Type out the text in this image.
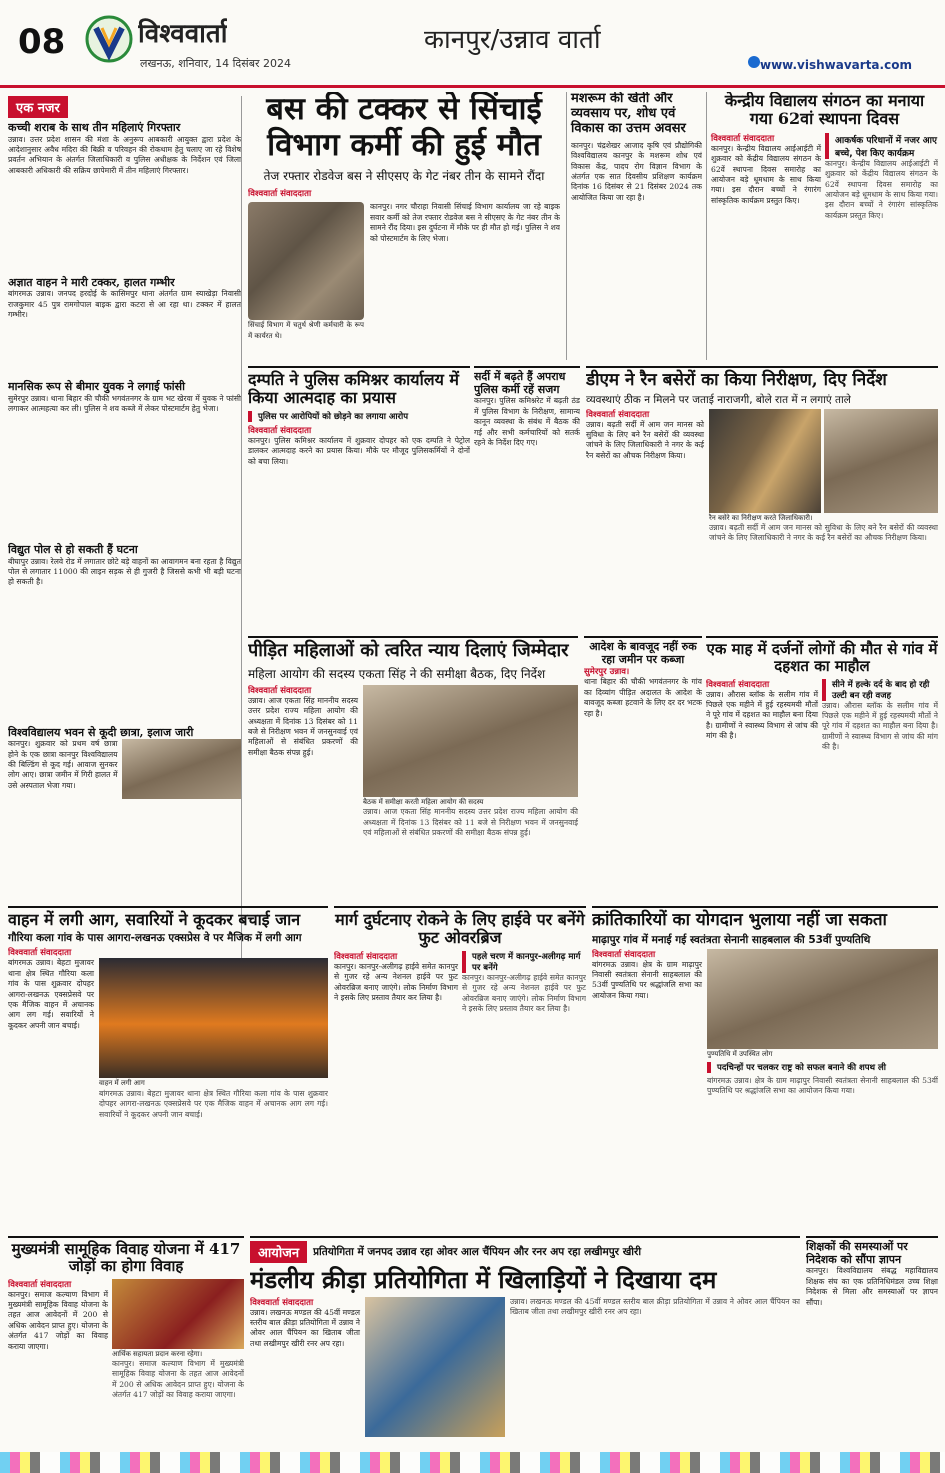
08	विश्ववार्ता
लखनऊ, शनिवार, 14 दिसंबर 2024
कानपुर/उन्नाव वार्ता
www.vishwavarta.com
एक नजर
कच्ची शराब के साथ तीन महिलाएं गिरफ्तार
उन्नाव। उत्तर प्रदेश शासन की मंशा के अनुरूप आबकारी आयुक्त द्वारा प्रदेश के आदेशानुसार अवैध मदिरा की बिक्री व परिवहन की रोकथाम हेतु चलाए जा रहे विशेष प्रवर्तन अभियान के अंतर्गत जिलाधिकारी व पुलिस अधीक्षक के निर्देशन एवं जिला आबकारी अधिकारी की सक्रिय छापेमारी में तीन महिलाएं गिरफ्तार।
अज्ञात वाहन ने मारी टक्कर, हालत गम्भीर
बांगरमऊ उन्नाव। जनपद हरदोई के कासिमपुर थाना अंतर्गत ग्राम स्याखेड़ा निवासी राजकुमार 45 पुत्र रामगोपाल बाइक द्वारा कटरा से आ रहा था। टक्कर में हालत गम्भीर।
मानसिक रूप से बीमार युवक ने लगाई फांसी
सुमेरपुर उन्नाव। थाना बिहार की चौकी भगवंतनगर के ग्राम भट खेरवा में युवक ने फांसी लगाकर आत्महत्या कर ली। पुलिस ने शव कब्जे में लेकर पोस्टमार्टम हेतु भेजा।
विद्युत पोल से हो सकती हैं घटना
बीघापुर उन्नाव। रेलवे रोड में लगातार छोटे बड़े वाहनों का आवागमन बना रहता है विद्युत पोल से लगातार 11000 की लाइन सड़क से ही गुजरी है जिससे कभी भी बड़ी घटना हो सकती है।
विश्वविद्यालय भवन से कूदी छात्रा, इलाज जारी
कानपुर। शुक्रवार को प्रथम वर्ष छात्रा होने के एक छात्रा कानपुर विश्वविद्यालय की बिल्डिंग से कूद गई। आवाज सुनकर लोग आए। छात्रा जमीन में गिरी हालत में उसे अस्पताल भेजा गया।
बस की टक्कर से सिंचाई विभाग कर्मी की हुई मौत
तेज रफ्तार रोडवेज बस ने सीएसए के गेट नंबर तीन के सामने रौंदा
विश्ववार्ता संवाददाता
सिंचाई विभाग में चतुर्थ श्रेणी कर्मचारी के रूप में कार्यरत थे।
कानपुर। नगर चौराहा निवासी सिंचाई विभाग कार्यालय जा रहे बाइक सवार कर्मी को तेज रफ्तार रोडवेज बस ने सीएसए के गेट नंबर तीन के सामने रौंद दिया। इस दुर्घटना में मौके पर ही मौत हो गई। पुलिस ने शव को पोस्टमार्टम के लिए भेजा।
मशरूम की खेती और व्यवसाय पर, शोध एवं विकास का उत्तम अवसर
कानपुर। चंद्रशेखर आजाद कृषि एवं प्रौद्योगिकी विश्वविद्यालय कानपुर के मशरूम शोध एवं विकास केंद्र, पादप रोग विज्ञान विभाग के अंतर्गत एक सात दिवसीय प्रशिक्षण कार्यक्रम दिनांक 16 दिसंबर से 21 दिसंबर 2024 तक आयोजित किया जा रहा है।
केन्द्रीय विद्यालय संगठन का मनाया गया 62वां स्थापना दिवस
विश्ववार्ता संवाददाता
कानपुर। केन्द्रीय विद्यालय आईआईटी में शुक्रवार को केंद्रीय विद्यालय संगठन के 62वें स्थापना दिवस समारोह का आयोजन बड़े धूमधाम के साथ किया गया। इस दौरान बच्चों ने रंगारंग सांस्कृतिक कार्यक्रम प्रस्तुत किए।
आकर्षक परिधानों में नजर आए बच्चे, पेश किए कार्यक्रम
कानपुर। केन्द्रीय विद्यालय आईआईटी में शुक्रवार को केंद्रीय विद्यालय संगठन के 62वें स्थापना दिवस समारोह का आयोजन बड़े धूमधाम के साथ किया गया। इस दौरान बच्चों ने रंगारंग सांस्कृतिक कार्यक्रम प्रस्तुत किए।
दम्पति ने पुलिस कमिश्नर कार्यालय में किया आत्मदाह का प्रयास
पुलिस पर आरोपियों को छोड़ने का लगाया आरोप
विश्ववार्ता संवाददाता
कानपुर। पुलिस कमिश्नर कार्यालय में शुक्रवार दोपहर को एक दम्पति ने पेट्रोल डालकर आत्मदाह करने का प्रयास किया। मौके पर मौजूद पुलिसकर्मियों ने दोनों को बचा लिया।
सर्दी में बढ़ते हैं अपराध पुलिस कर्मी रहें सजग
कानपुर। पुलिस कमिश्नरेट में बढ़ती ठंड में पुलिस विभाग के निरीक्षण, सामान्य कानून व्यवस्था के संबंध में बैठक की गई और सभी कर्मचारियों को सतर्क रहने के निर्देश दिए गए।
डीएम ने रैन बसेरों का किया निरीक्षण, दिए निर्देश
व्यवस्थाएं ठीक न मिलने पर जताई नाराजगी, बोले रात में न लगाएं ताले
विश्ववार्ता संवाददाता
उन्नाव। बढ़ती सर्दी में आम जन मानस को सुविधा के लिए बने रैन बसेरों की व्यवस्था जांचने के लिए जिलाधिकारी ने नगर के कई रैन बसेरों का औचक निरीक्षण किया।
रैन बसेरे का निरीक्षण करते जिलाधिकारी।
उन्नाव। बढ़ती सर्दी में आम जन मानस को सुविधा के लिए बने रैन बसेरों की व्यवस्था जांचने के लिए जिलाधिकारी ने नगर के कई रैन बसेरों का औचक निरीक्षण किया।
पीड़ित महिलाओं को त्वरित न्याय दिलाएं जिम्मेदार
महिला आयोग की सदस्य एकता सिंह ने की समीक्षा बैठक, दिए निर्देश
विश्ववार्ता संवाददाता
उन्नाव। आज एकता सिंह माननीय सदस्य उत्तर प्रदेश राज्य महिला आयोग की अध्यक्षता में दिनांक 13 दिसंबर को 11 बजे से निरीक्षण भवन में जनसुनवाई एवं महिलाओं से संबंधित प्रकरणों की समीक्षा बैठक संपन्न हुई।
बैठक में समीक्षा करती महिला आयोग की सदस्य
उन्नाव। आज एकता सिंह माननीय सदस्य उत्तर प्रदेश राज्य महिला आयोग की अध्यक्षता में दिनांक 13 दिसंबर को 11 बजे से निरीक्षण भवन में जनसुनवाई एवं महिलाओं से संबंधित प्रकरणों की समीक्षा बैठक संपन्न हुई।
आदेश के बावजूद नहीं रुक रहा जमीन पर कब्जा
सुमेरपुर उन्नाव।
थाना बिहार की चौकी भगवंतनगर के गांव का दिव्यांग पीड़ित अदालत के आदेश के बावजूद कब्जा हटवाने के लिए दर दर भटक रहा है।
एक माह में दर्जनों लोगों की मौत से गांव में दहशत का माहौल
विश्ववार्ता संवाददाता
उन्नाव। औरास ब्लॉक के सलीम गांव में पिछले एक महीने में हुई रहस्यमयी मौतों ने पूरे गांव में दहशत का माहौल बना दिया है। ग्रामीणों ने स्वास्थ्य विभाग से जांच की मांग की है।
सीने में हल्के दर्द के बाद हो रही उल्टी बन रही वजह
उन्नाव। औरास ब्लॉक के सलीम गांव में पिछले एक महीने में हुई रहस्यमयी मौतों ने पूरे गांव में दहशत का माहौल बना दिया है। ग्रामीणों ने स्वास्थ्य विभाग से जांच की मांग की है।
वाहन में लगी आग, सवारियों ने कूदकर बचाई जान
गौरिया कला गांव के पास आगरा-लखनऊ एक्सप्रेस वे पर मैजिक में लगी आग
विश्ववार्ता संवाददाता
बांगरमऊ उन्नाव। बेहटा मुजावर थाना क्षेत्र स्थित गौरिया कला गांव के पास शुक्रवार दोपहर आगरा-लखनऊ एक्सप्रेसवे पर एक मैजिक वाहन में अचानक आग लग गई। सवारियों ने कूदकर अपनी जान बचाई।
वाहन में लगी आग
बांगरमऊ उन्नाव। बेहटा मुजावर थाना क्षेत्र स्थित गौरिया कला गांव के पास शुक्रवार दोपहर आगरा-लखनऊ एक्सप्रेसवे पर एक मैजिक वाहन में अचानक आग लग गई। सवारियों ने कूदकर अपनी जान बचाई।
मार्ग दुर्घटनाए रोकने के लिए हाईवे पर बनेंगे फुट ओवरब्रिज
विश्ववार्ता संवाददाता
कानपुर। कानपुर-अलीगढ़ हाईवे समेत कानपुर से गुजर रहे अन्य नेशनल हाईवे पर फुट ओवरब्रिज बनाए जाएंगे। लोक निर्माण विभाग ने इसके लिए प्रस्ताव तैयार कर लिया है।
पहले चरण में कानपुर-अलीगढ़ मार्ग पर बनेंगे
कानपुर। कानपुर-अलीगढ़ हाईवे समेत कानपुर से गुजर रहे अन्य नेशनल हाईवे पर फुट ओवरब्रिज बनाए जाएंगे। लोक निर्माण विभाग ने इसके लिए प्रस्ताव तैयार कर लिया है।
क्रांतिकारियों का योगदान भुलाया नहीं जा सकता
माढ़ापुर गांव में मनाई गई स्वतंत्रता सेनानी साहबलाल की 53वीं पुण्यतिथि
विश्ववार्ता संवाददाता
बांगरमऊ उन्नाव। क्षेत्र के ग्राम माढ़ापुर निवासी स्वतंत्रता सेनानी साहबलाल की 53वीं पुण्यतिथि पर श्रद्धांजलि सभा का आयोजन किया गया।
पुण्यतिथि में उपस्थित लोग
पदचिन्हों पर चलकर राष्ट्र को सफल बनाने की शपथ ली
बांगरमऊ उन्नाव। क्षेत्र के ग्राम माढ़ापुर निवासी स्वतंत्रता सेनानी साहबलाल की 53वीं पुण्यतिथि पर श्रद्धांजलि सभा का आयोजन किया गया।
मुख्यमंत्री सामूहिक विवाह योजना में 417 जोड़ों का होगा विवाह
विश्ववार्ता संवाददाता
कानपुर। समाज कल्याण विभाग में मुख्यमंत्री सामूहिक विवाह योजना के तहत आज आवेदनों में 200 से अधिक आवेदन प्राप्त हुए। योजना के अंतर्गत 417 जोड़ों का विवाह कराया जाएगा।
आर्थिक सहायता प्रदान करना रहेगा।
कानपुर। समाज कल्याण विभाग में मुख्यमंत्री सामूहिक विवाह योजना के तहत आज आवेदनों में 200 से अधिक आवेदन प्राप्त हुए। योजना के अंतर्गत 417 जोड़ों का विवाह कराया जाएगा।
आयोजन	प्रतियोगिता में जनपद उन्नाव रहा ओवर आल चैंपियन और रनर अप रहा लखीमपुर खीरी
मंडलीय क्रीड़ा प्रतियोगिता में खिलाड़ियों ने दिखाया दम
विश्ववार्ता संवाददाता
उन्नाव। लखनऊ मण्डल की 45वीं मण्डल स्तरीय बाल क्रीड़ा प्रतियोगिता में उन्नाव ने ओवर आल चैंपियन का खिताब जीता तथा लखीमपुर खीरी रनर अप रहा।
उन्नाव। लखनऊ मण्डल की 45वीं मण्डल स्तरीय बाल क्रीड़ा प्रतियोगिता में उन्नाव ने ओवर आल चैंपियन का खिताब जीता तथा लखीमपुर खीरी रनर अप रहा।
शिक्षकों की समस्याओं पर निदेशक को सौंपा ज्ञापन
कानपुर। विश्वविद्यालय संबद्ध महाविद्यालय शिक्षक संघ का एक प्रतिनिधिमंडल उच्च शिक्षा निदेशक से मिला और समस्याओं पर ज्ञापन सौंपा।
